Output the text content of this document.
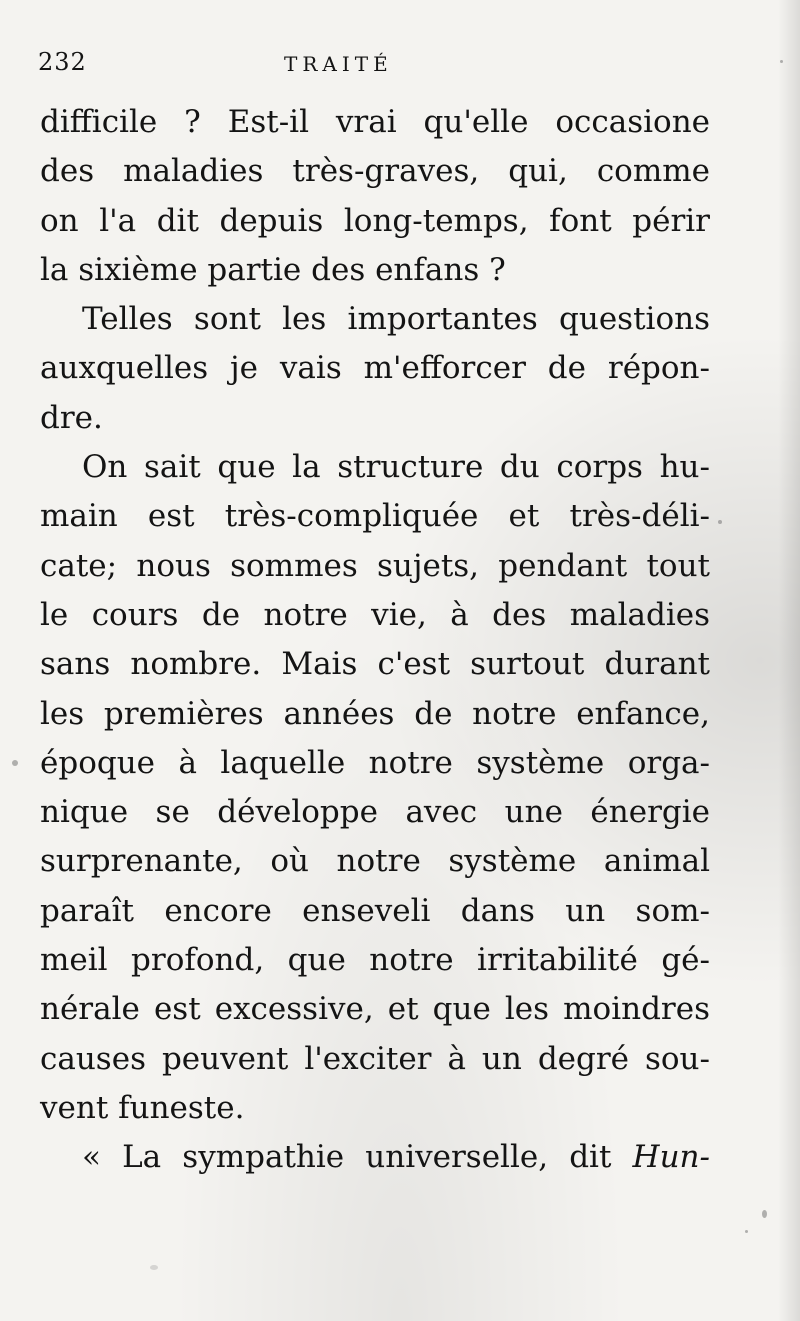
232	TRAITÉ
difficile ? Est-il vrai qu'elle occasione
des maladies très-graves, qui, comme
on l'a dit depuis long-temps, font périr
la sixième partie des enfans ?
Telles sont les importantes questions
auxquelles je vais m'efforcer de répon-
dre.
On sait que la structure du corps hu-
main est très-compliquée et très-déli-
cate; nous sommes sujets, pendant tout
le cours de notre vie, à des maladies
sans nombre. Mais c'est surtout durant
les premières années de notre enfance,
époque à laquelle notre système orga-
nique se développe avec une énergie
surprenante, où notre système animal
paraît encore enseveli dans un som-
meil profond, que notre irritabilité gé-
nérale est excessive, et que les moindres
causes peuvent l'exciter à un degré sou-
vent funeste.
« La sympathie universelle, dit Hun-
